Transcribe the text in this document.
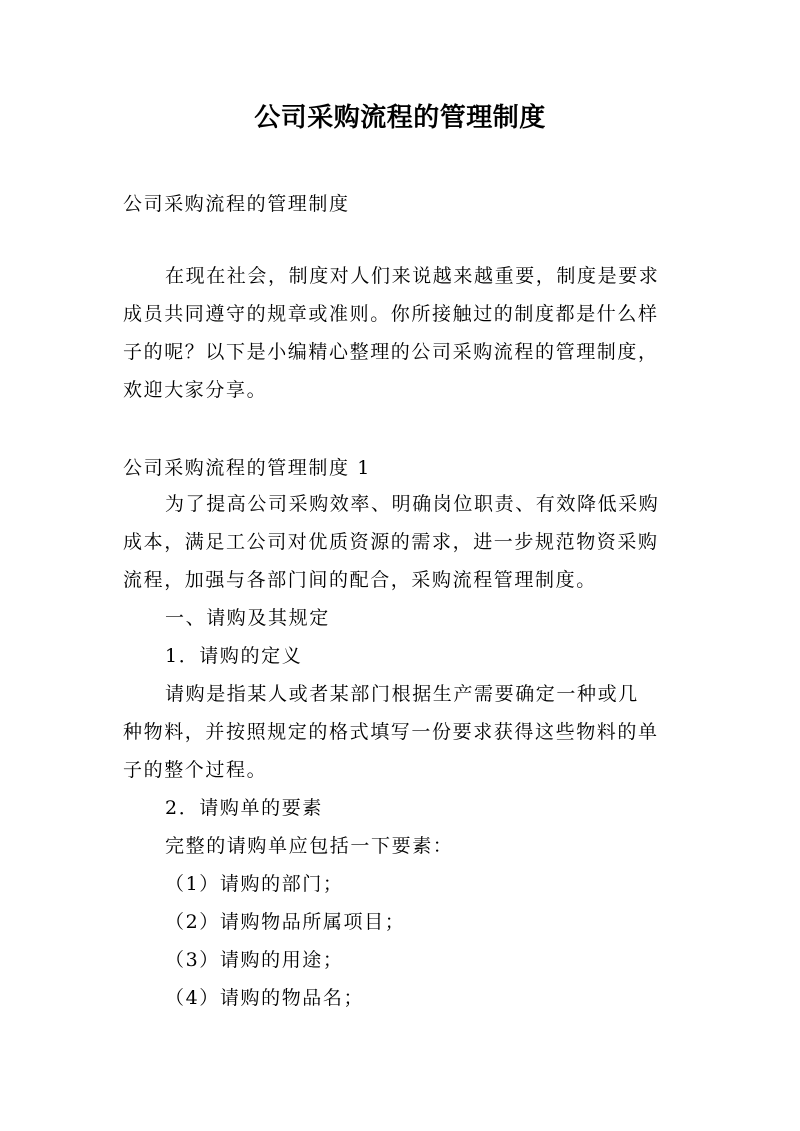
公司采购流程的管理制度

公司采购流程的管理制度

在现在社会，制度对人们来说越来越重要，制度是要求

成员共同遵守的规章或准则。你所接触过的制度都是什么样

子的呢？以下是小编精心整理的公司采购流程的管理制度，

欢迎大家分享。

公司采购流程的管理制度 1

为了提高公司采购效率、明确岗位职责、有效降低采购

成本，满足工公司对优质资源的需求，进一步规范物资采购

流程，加强与各部门间的配合，采购流程管理制度。

一、请购及其规定

1．请购的定义

请购是指某人或者某部门根据生产需要确定一种或几

种物料，并按照规定的格式填写一份要求获得这些物料的单

子的整个过程。

2．请购单的要素

完整的请购单应包括一下要素：

（1）请购的部门；

（2）请购物品所属项目；

（3）请购的用途；

（4）请购的物品名；
